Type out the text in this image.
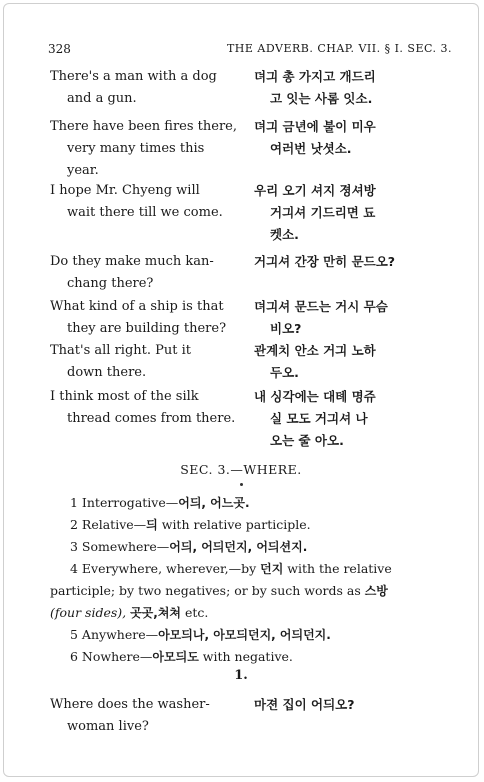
328	THE ADVERB. CHAP. VII. § I. SEC. 3.
There's a man with a dog
and a gun.
뎌긔 총 가지고 개드리
고 잇는 사롬 잇소.
There have been fires there,
very many times this
year.
뎌긔 금년에 불이 미우
여러번 낫셧소.
I hope Mr. Chyeng will
wait there till we come.
우리 오기 셔지 졍셔방
거긔셔 기드리면 됴
켓소.
Do they make much kan-
chang there?
거긔셔 간장 만히 문드오?
What kind of a ship is that
they are building there?
뎌긔셔 문드는 거시 무슴
비오?
That's all right. Put it
down there.
관계치 안소 거긔 노하
두오.
I think most of the silk
thread comes from there.
내 싱각에는 대톄 명쥬
실 모도 거긔셔 나
오는 줄 아오.
SEC. 3.—WHERE.
1 Interrogative—어듸, 어느곳.
2 Relative—듸 with relative participle.
3 Somewhere—어듸, 어듸던지, 어듸션지.
4 Everywhere, wherever,—by 던지 with the relative
participle; by two negatives; or by such words as 스방
(four sides), 곳곳,쳐쳐 etc.
5 Anywhere—아모듸나, 아모듸던지, 어듸던지.
6 Nowhere—아모듸도 with negative.
1.
Where does the washer-
woman live?
마젼 집이 어듸오?
